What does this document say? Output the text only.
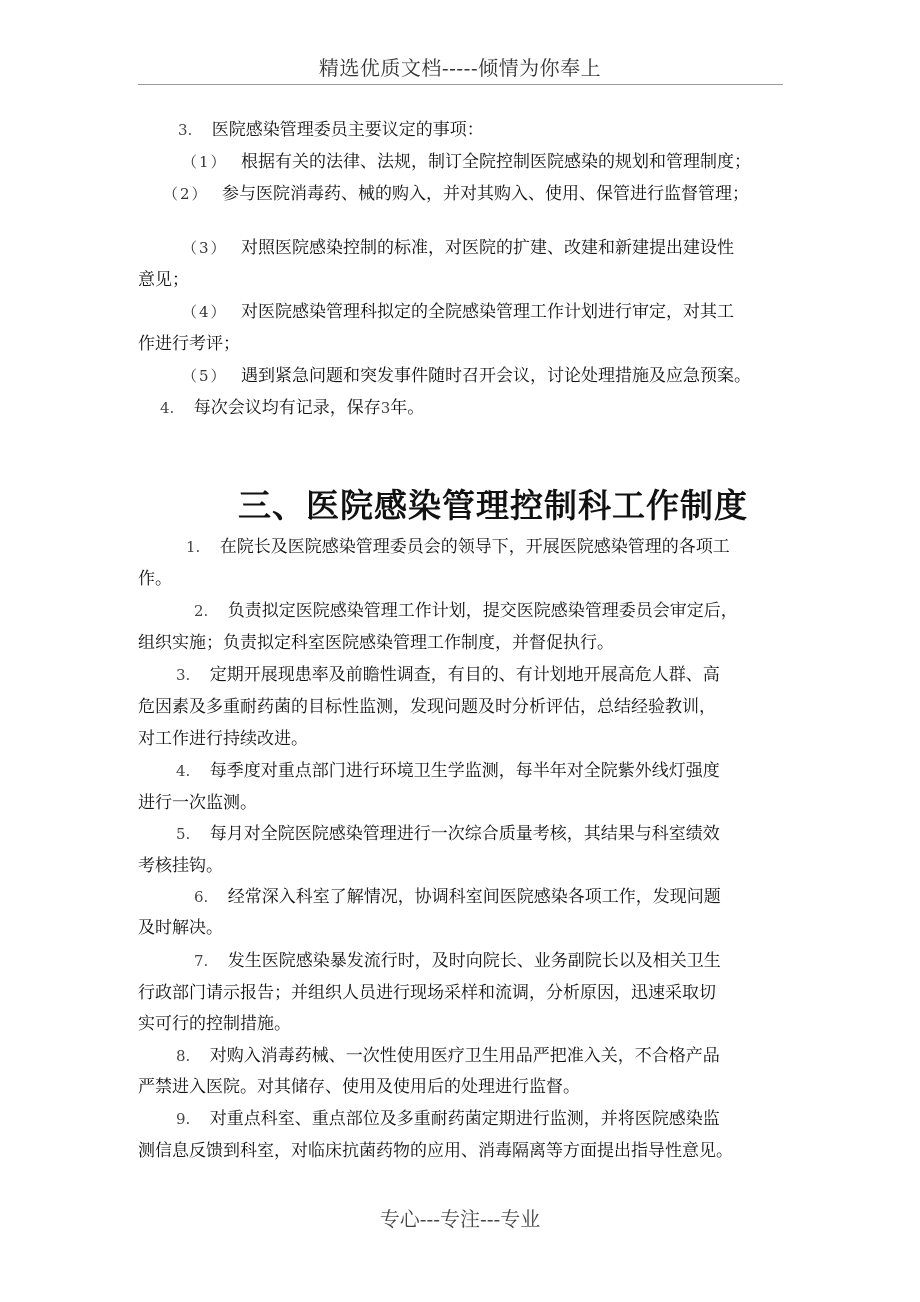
精选优质文档-----倾情为你奉上
3. 医院感染管理委员主要议定的事项：
（1） 根据有关的法律、法规，制订全院控制医院感染的规划和管理制度；
（2） 参与医院消毒药、械的购入，并对其购入、使用、保管进行监督管理；
（3） 对照医院感染控制的标准，对医院的扩建、改建和新建提出建设性
意见；
（4） 对医院感染管理科拟定的全院感染管理工作计划进行审定，对其工
作进行考评；
（5） 遇到紧急问题和突发事件随时召开会议，讨论处理措施及应急预案。
4. 每次会议均有记录，保存3年。
三、医院感染管理控制科工作制度
1. 在院长及医院感染管理委员会的领导下，开展医院感染管理的各项工
作。
2. 负责拟定医院感染管理工作计划，提交医院感染管理委员会审定后，
组织实施；负责拟定科室医院感染管理工作制度，并督促执行。
3. 定期开展现患率及前瞻性调查，有目的、有计划地开展高危人群、高
危因素及多重耐药菌的目标性监测，发现问题及时分析评估，总结经验教训，
对工作进行持续改进。
4. 每季度对重点部门进行环境卫生学监测，每半年对全院紫外线灯强度
进行一次监测。
5. 每月对全院医院感染管理进行一次综合质量考核，其结果与科室绩效
考核挂钩。
6. 经常深入科室了解情况，协调科室间医院感染各项工作，发现问题
及时解决。
7. 发生医院感染暴发流行时，及时向院长、业务副院长以及相关卫生
行政部门请示报告；并组织人员进行现场采样和流调，分析原因，迅速采取切
实可行的控制措施。
8. 对购入消毒药械、一次性使用医疗卫生用品严把准入关，不合格产品
严禁进入医院。对其储存、使用及使用后的处理进行监督。
9. 对重点科室、重点部位及多重耐药菌定期进行监测，并将医院感染监
测信息反馈到科室，对临床抗菌药物的应用、消毒隔离等方面提出指导性意见。
专心---专注---专业
